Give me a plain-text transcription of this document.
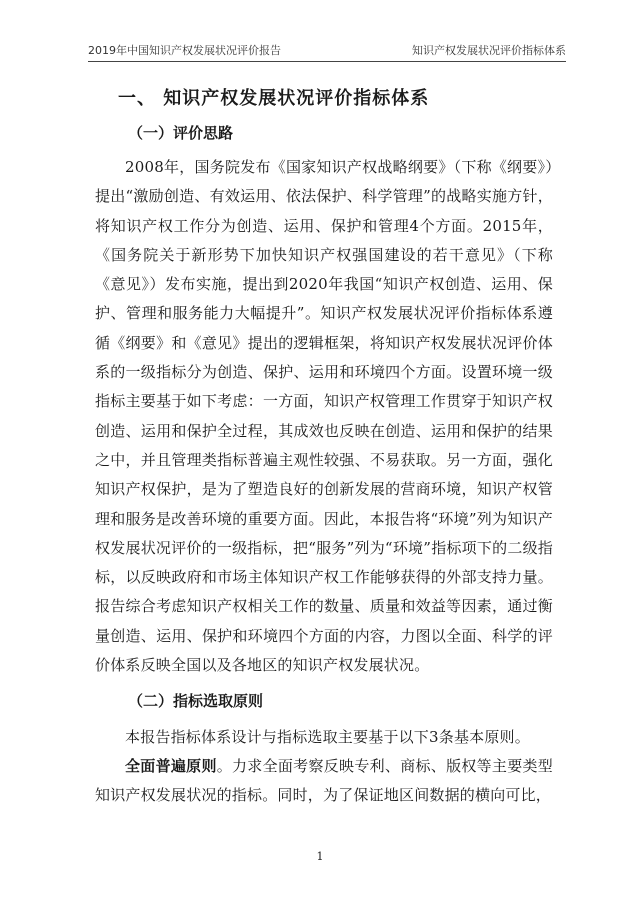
2019年中国知识产权发展状况评价报告	知识产权发展状况评价指标体系
一、 知识产权发展状况评价指标体系
（一）评价思路

2008年，国务院发布《国家知识产权战略纲要》（下称《纲要》）提出“激励创造、有效运用、依法保护、科学管理”的战略实施方针，将知识产权工作分为创造、运用、保护和管理4个方面。2015年，《国务院关于新形势下加快知识产权强国建设的若干意见》（下称《意见》）发布实施，提出到2020年我国“知识产权创造、运用、保护、管理和服务能力大幅提升”。知识产权发展状况评价指标体系遵循《纲要》和《意见》提出的逻辑框架，将知识产权发展状况评价体系的一级指标分为创造、保护、运用和环境四个方面。设置环境一级指标主要基于如下考虑：一方面，知识产权管理工作贯穿于知识产权创造、运用和保护全过程，其成效也反映在创造、运用和保护的结果之中，并且管理类指标普遍主观性较强、不易获取。另一方面，强化知识产权保护，是为了塑造良好的创新发展的营商环境，知识产权管理和服务是改善环境的重要方面。因此，本报告将“环境”列为知识产权发展状况评价的一级指标，把“服务”列为“环境”指标项下的二级指标，以反映政府和市场主体知识产权工作能够获得的外部支持力量。报告综合考虑知识产权相关工作的数量、质量和效益等因素，通过衡量创造、运用、保护和环境四个方面的内容，力图以全面、科学的评价体系反映全国以及各地区的知识产权发展状况。

（二）指标选取原则

本报告指标体系设计与指标选取主要基于以下3条基本原则。

全面普遍原则。力求全面考察反映专利、商标、版权等主要类型知识产权发展状况的指标。同时，为了保证地区间数据的横向可比，

1
